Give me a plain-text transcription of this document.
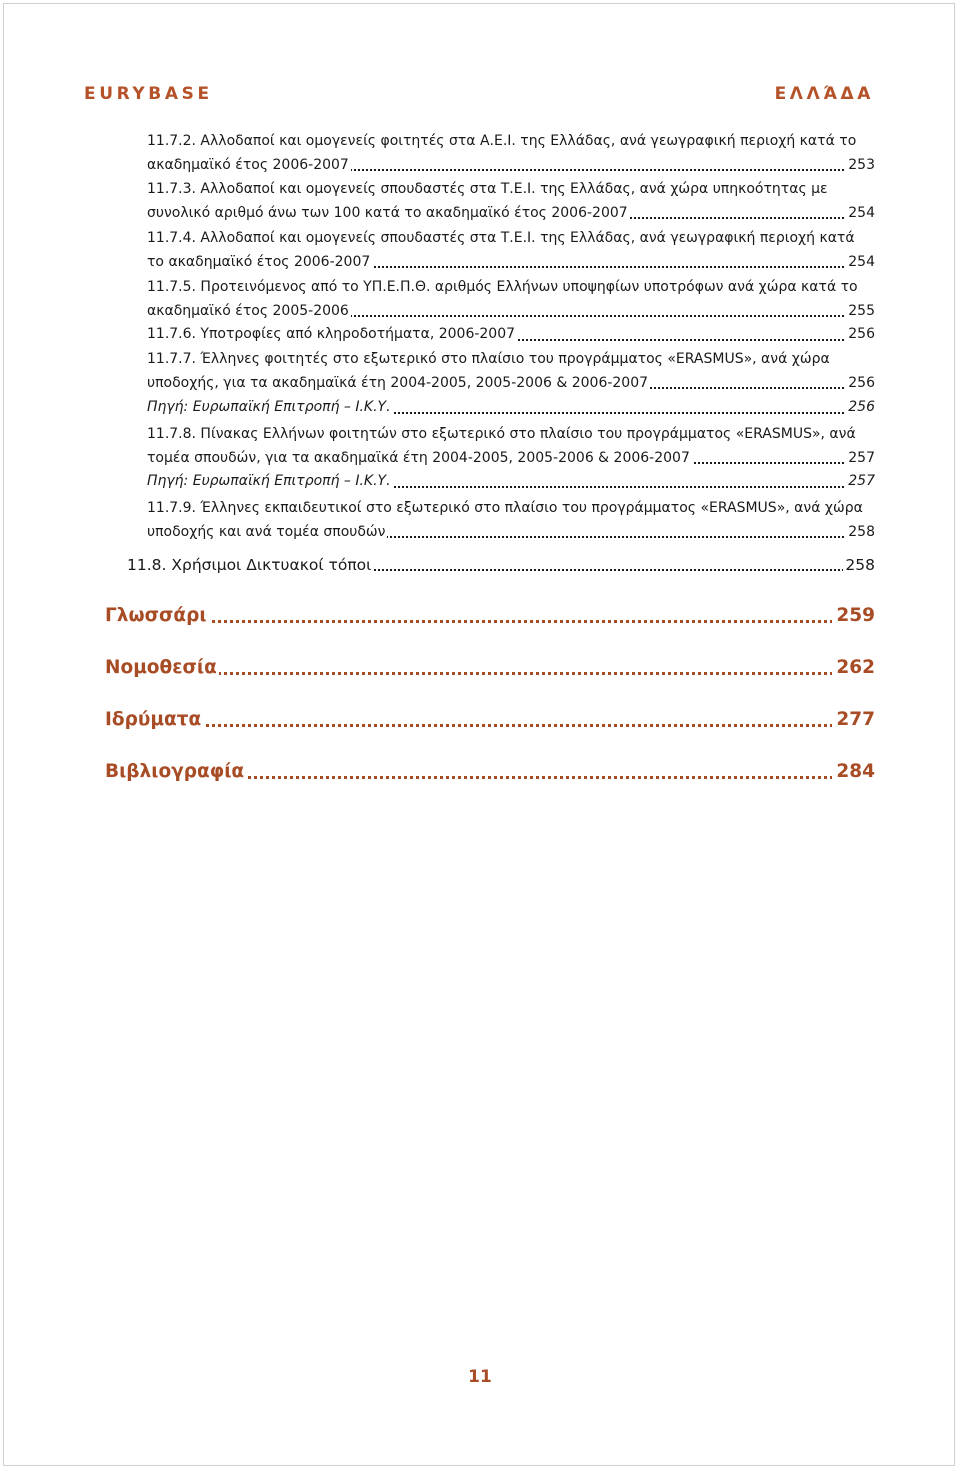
EURYBASE	ΕΛΛΆΔΑ
11.7.2. Αλλοδαποί και ομογενείς φοιτητές στα Α.Ε.Ι. της Ελλάδας, ανά γεωγραφική περιοχή κατά το
ακαδημαϊκό έτος 2006-2007	253
11.7.3. Αλλοδαποί και ομογενείς σπουδαστές στα Τ.Ε.Ι. της Ελλάδας, ανά χώρα υπηκοότητας με
συνολικό αριθμό άνω των 100 κατά το ακαδημαϊκό έτος 2006-2007	254
11.7.4. Αλλοδαποί και ομογενείς σπουδαστές στα Τ.Ε.Ι. της Ελλάδας, ανά γεωγραφική περιοχή κατά
το ακαδημαϊκό έτος 2006-2007	254
11.7.5. Προτεινόμενος από το ΥΠ.Ε.Π.Θ. αριθμός Ελλήνων υποψηφίων υποτρόφων ανά χώρα κατά το
ακαδημαϊκό έτος 2005-2006	255
11.7.6. Υποτροφίες από κληροδοτήματα, 2006-2007	256
11.7.7. Έλληνες φοιτητές στο εξωτερικό στο πλαίσιο του προγράμματος «ERASMUS», ανά χώρα
υποδοχής, για τα ακαδημαϊκά έτη 2004-2005, 2005-2006 & 2006-2007	256
Πηγή: Ευρωπαϊκή Επιτροπή – Ι.Κ.Υ.	256
11.7.8. Πίνακας Ελλήνων φοιτητών στο εξωτερικό στο πλαίσιο του προγράμματος «ERASMUS», ανά
τομέα σπουδών, για τα ακαδημαϊκά έτη 2004-2005, 2005-2006 & 2006-2007	257
Πηγή: Ευρωπαϊκή Επιτροπή – Ι.Κ.Υ.	257
11.7.9. Έλληνες εκπαιδευτικοί στο εξωτερικό στο πλαίσιο του προγράμματος «ERASMUS», ανά χώρα
υποδοχής και ανά τομέα σπουδών	258
11.8. Χρήσιμοι Δικτυακοί τόποι	258
Γλωσσάρι	259
Νομοθεσία	262
Ιδρύματα	277
Βιβλιογραφία	284
11
